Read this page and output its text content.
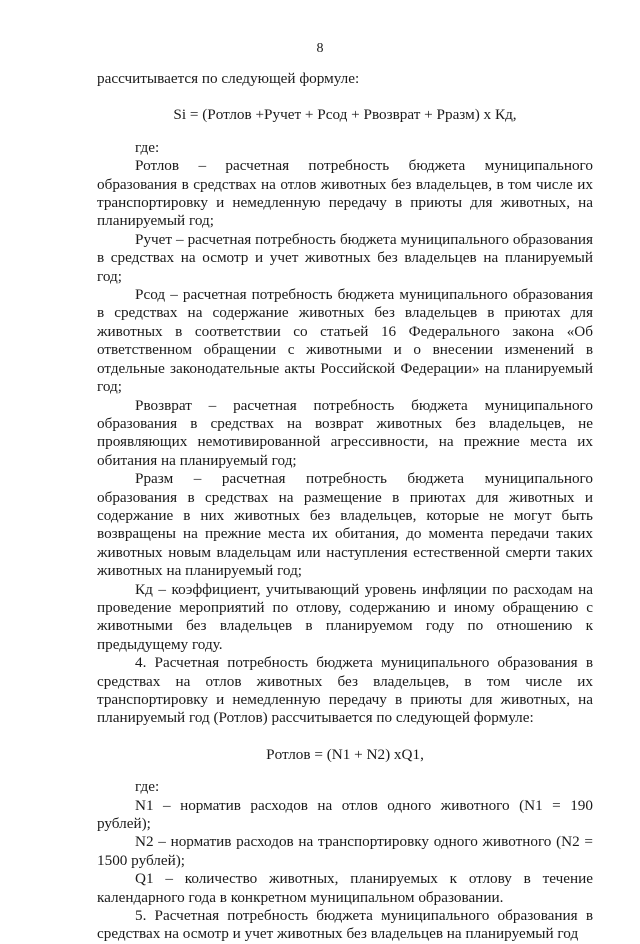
8

рассчитывается по следующей формуле:

Si = (Pотлов +Pучет + Pсод + Pвозврат + Pразм) x Кд,

где:

Ротлов – расчетная потребность бюджета муниципального образования в средствах на отлов животных без владельцев, в том числе их транспортировку и немедленную передачу в приюты для животных, на планируемый год;

Pучет – расчетная потребность бюджета муниципального образования в средствах на осмотр и учет животных без владельцев на планируемый год;

Pсод – расчетная потребность бюджета муниципального образования в средствах на содержание животных без владельцев в приютах для животных в соответствии со статьей 16 Федерального закона «Об ответственном обращении с животными и о внесении изменений в отдельные законодательные акты Российской Федерации» на планируемый год;

Pвозврат – расчетная потребность бюджета муниципального образования в средствах на возврат животных без владельцев, не проявляющих немотивированной агрессивности, на прежние места их обитания на планируемый год;

Pразм – расчетная потребность бюджета муниципального образования в средствах на размещение в приютах для животных и содержание в них животных без владельцев, которые не могут быть возвращены на прежние места их обитания, до момента передачи таких животных новым владельцам или наступления естественной смерти таких животных на планируемый год;

Кд – коэффициент, учитывающий уровень инфляции по расходам на проведение мероприятий по отлову, содержанию и иному обращению с животными без владельцев в планируемом году по отношению к предыдущему году.

4. Расчетная потребность бюджета муниципального образования в средствах на отлов животных без владельцев, в том числе их транспортировку и немедленную передачу в приюты для животных, на планируемый год (Ротлов) рассчитывается по следующей формуле:

Pотлов = (N1 + N2) xQ1,

где:

N1 – норматив расходов на отлов одного животного (N1 = 190 рублей);

N2 – норматив расходов на транспортировку одного животного (N2 = 1500 рублей);

Q1 – количество животных, планируемых к отлову в течение календарного года в конкретном муниципальном образовании.

5. Расчетная потребность бюджета муниципального образования в средствах на осмотр и учет животных без владельцев на планируемый год
